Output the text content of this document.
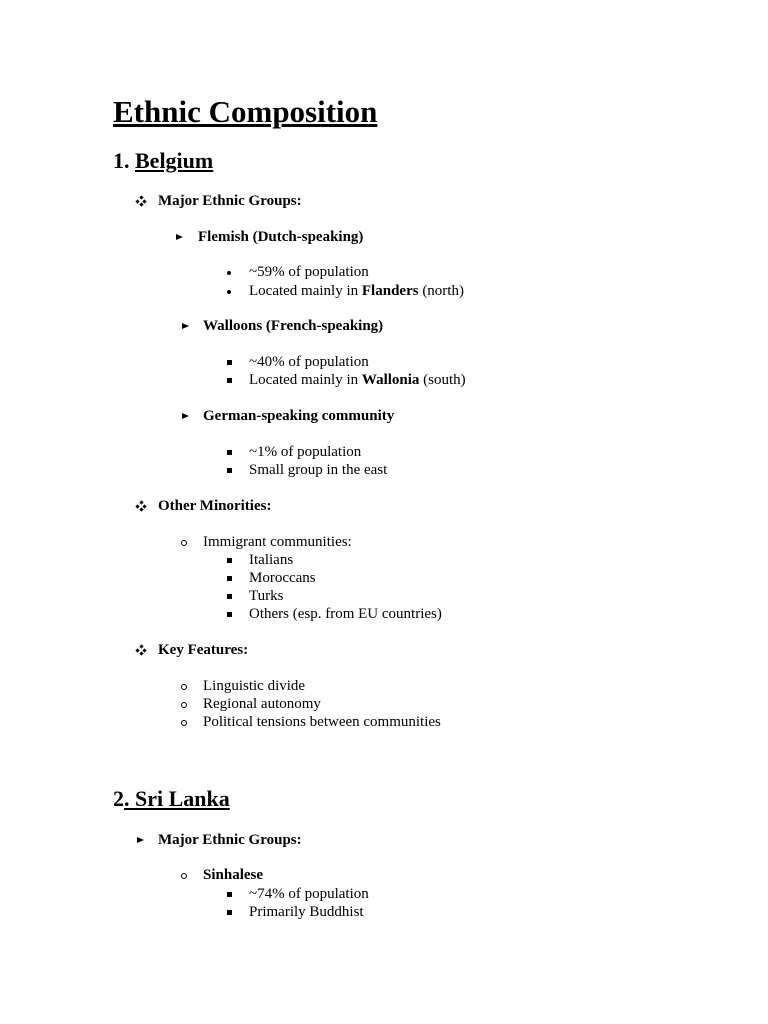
Ethnic Composition
1. Belgium
Major Ethnic Groups:
Flemish (Dutch-speaking)
~59% of population
Located mainly in Flanders (north)
Walloons (French-speaking)
~40% of population
Located mainly in Wallonia (south)
German-speaking community
~1% of population
Small group in the east
Other Minorities:
Immigrant communities:
Italians
Moroccans
Turks
Others (esp. from EU countries)
Key Features:
Linguistic divide
Regional autonomy
Political tensions between communities
2. Sri Lanka
Major Ethnic Groups:
Sinhalese
~74% of population
Primarily Buddhist
